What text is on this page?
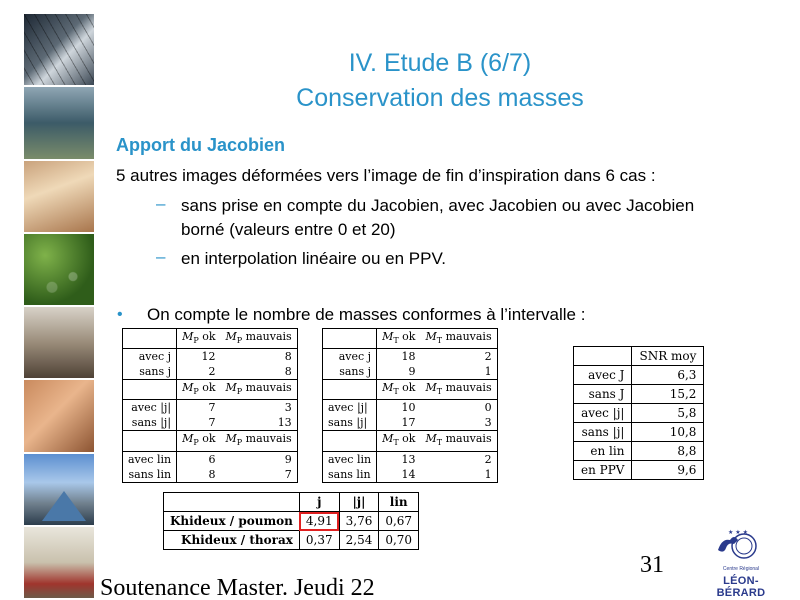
IV. Etude B (6/7)
Conservation des masses
Apport du Jacobien
5 autres images déformées vers l’image de fin d’inspiration dans 6 cas :
– sans prise en compte du Jacobien, avec Jacobien ou avec Jacobien borné (valeurs entre 0 et 20)
– en interpolation linéaire ou en PPV.
• On compte le nombre de masses conformes à l’intervalle :
	$M_P$ ok	$M_P$ mauvais
avec j	12	8
sans j	2	8
	$M_P$ ok	$M_P$ mauvais
avec |j|	7	3
sans |j|	7	13
	$M_P$ ok	$M_P$ mauvais
avec lin	6	9
sans lin	8	7
	$M_T$ ok	$M_T$ mauvais
avec j	18	2
sans j	9	1
	$M_T$ ok	$M_T$ mauvais
avec |j|	10	0
sans |j|	17	3
	$M_T$ ok	$M_T$ mauvais
avec lin	13	2
sans lin	14	1
	SNR moy
avec J	6,3
sans J	15,2
avec |j|	5,8
sans |j|	10,8
en lin	8,8
en PPV	9,6
	j	|j|	lin
Khideux / poumon	4,91	3,76	0,67
Khideux / thorax	0,37	2,54	0,70
31
Soutenance Master. Jeudi 22
★ ★ ★
Centre Régional
LÉON-BÉRARD
